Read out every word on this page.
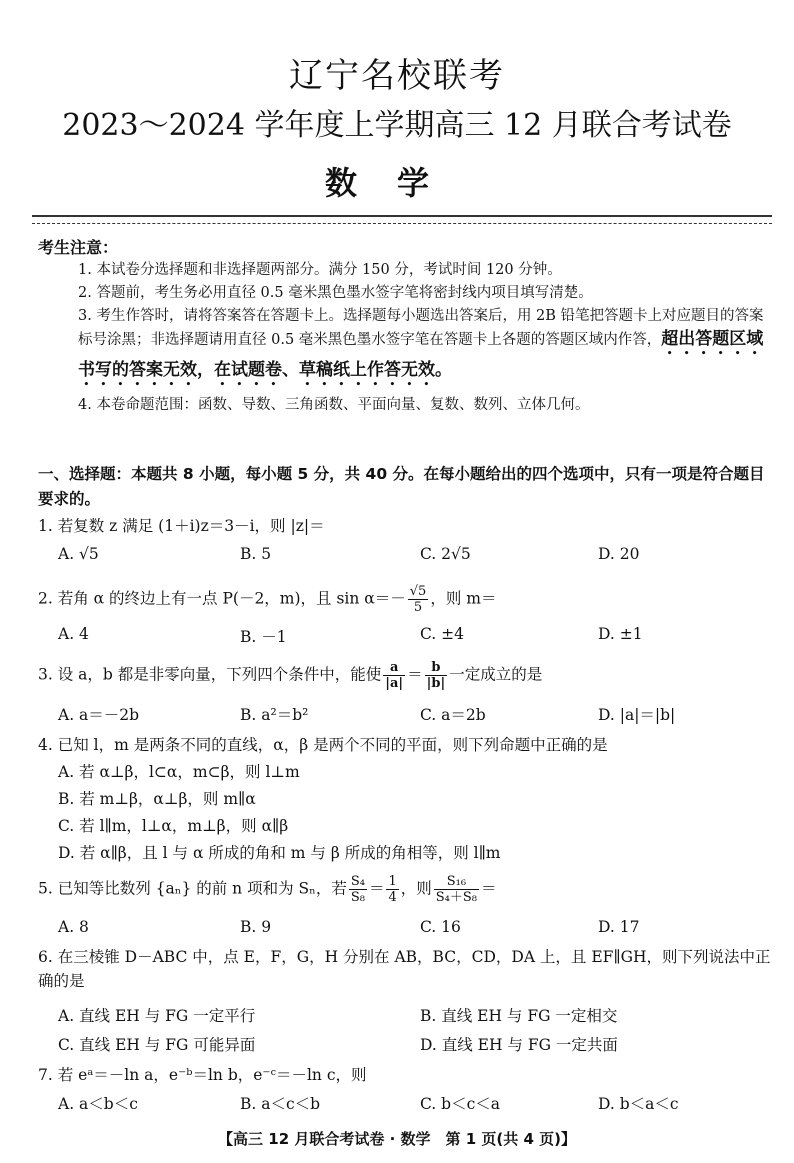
辽宁名校联考
2023～2024 学年度上学期高三 12 月联合考试卷
数学
考生注意：
1. 本试卷分选择题和非选择题两部分。满分 150 分，考试时间 120 分钟。
2. 答题前，考生务必用直径 0.5 毫米黑色墨水签字笔将密封线内项目填写清楚。
3. 考生作答时，请将答案答在答题卡上。选择题每小题选出答案后，用 2B 铅笔把答题卡上对应题目的答案标号涂黑；非选择题请用直径 0.5 毫米黑色墨水签字笔在答题卡上各题的答题区域内作答，超出答题区域书写的答案无效，在试题卷、草稿纸上作答无效。
4. 本卷命题范围：函数、导数、三角函数、平面向量、复数、数列、立体几何。
一、选择题：本题共 8 小题，每小题 5 分，共 40 分。在每小题给出的四个选项中，只有一项是符合题目要求的。
1. 若复数 z 满足 (1＋i)z＝3－i，则 |z|＝
A. √5	B. 5	C. 2√5	D. 20
2. 若角 α 的终边上有一点 P(－2，m)，且 $\sin \alpha=- \frac{√5}{5}$ ，则 m＝
A. 4	B. －1	C. ±4	D. ±1
3. 设 a，b 都是非零向量，下列四个条件中，能使 $\frac{a}{|a|} = \frac{b}{|b|}$ 一定成立的是
A. a＝－2b	B. a²＝b²	C. a＝2b	D. |a|＝|b|
4. 已知 l，m 是两条不同的直线，α，β 是两个不同的平面，则下列命题中正确的是
A. 若 α⊥β，l⊂α，m⊂β，则 l⊥m
B. 若 m⊥β，α⊥β，则 m∥α
C. 若 l∥m，l⊥α，m⊥β，则 α∥β
D. 若 α∥β，且 l 与 α 所成的角和 m 与 β 所成的角相等，则 l∥m
5. 已知等比数列 {aₙ} 的前 n 项和为 Sₙ，若 $\frac{\text{S₄}}{\text{S₈}} = \frac{1}{4}$ ，则 $\frac{\text{S₁₆}}{\text{S₄＋S₈}}$ ＝
A. 8	B. 9	C. 16	D. 17
6. 在三棱锥 D－ABC 中，点 E，F，G，H 分别在 AB，BC，CD，DA 上，且 EF∥GH，则下列说法中正确的是
A. 直线 EH 与 FG 一定平行	B. 直线 EH 与 FG 一定相交
C. 直线 EH 与 FG 可能异面	D. 直线 EH 与 FG 一定共面
7. 若 eᵃ＝－ln a，e⁻ᵇ＝ln b，e⁻ᶜ＝－ln c，则
A. a＜b＜c	B. a＜c＜b	C. b＜c＜a	D. b＜a＜c
【高三 12 月联合考试卷 · 数学　第 1 页(共 4 页)】
